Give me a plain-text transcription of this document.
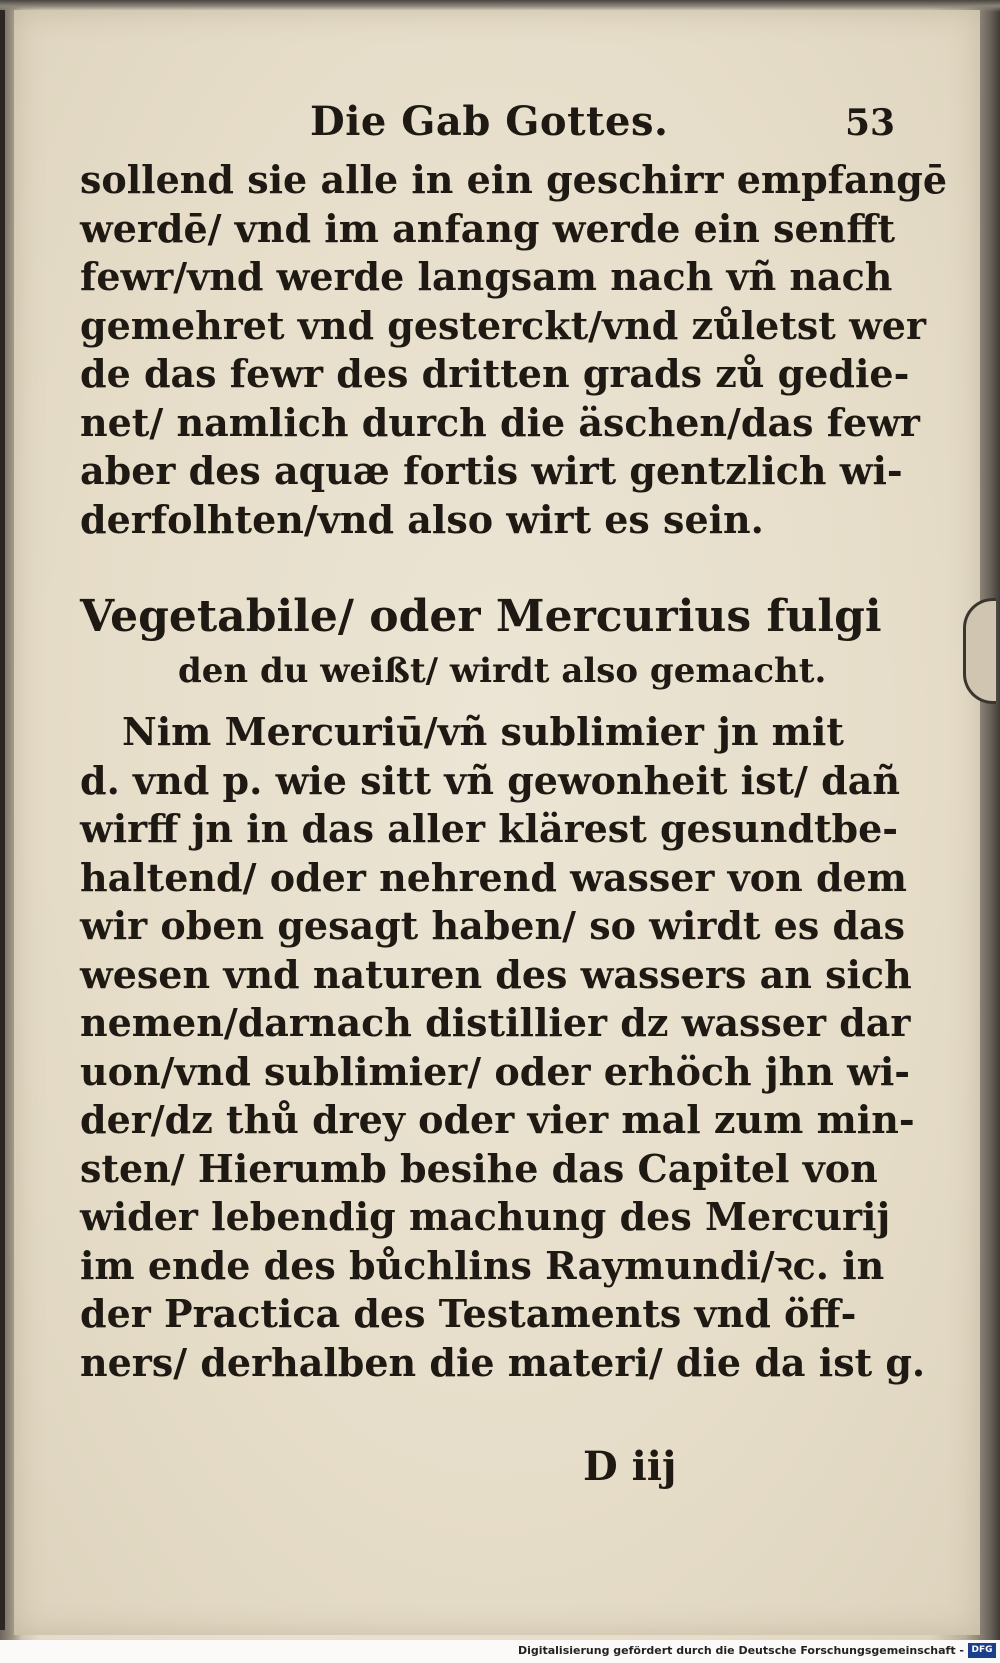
Die Gab Gottes.	53
sollend sie alle in ein geschirr empfangē
werdē/ vnd im anfang werde ein senfft
fewr/vnd werde langsam nach vñ nach
gemehret vnd gesterckt/vnd zůletst wer
de das fewr des dritten grads zů gedie-
net/ namlich durch die äschen/das fewr
aber des aquæ fortis wirt gentzlich wi-
derfolhten/vnd also wirt es sein.
Vegetabile/ oder Mercurius fulgi
den du weißt/ wirdt also gemacht.
Nim Mercuriū/vñ sublimier jn mit
d. vnd p. wie sitt vñ gewonheit ist/ dañ
wirff jn in das aller klärest gesundtbe-
haltend/ oder nehrend wasser von dem
wir oben gesagt haben/ so wirdt es das
wesen vnd naturen des wassers an sich
nemen/darnach distillier dz wasser dar
uon/vnd sublimier/ oder erhöch jhn wi-
der/dz thů drey oder vier mal zum min-
sten/ Hierumb besihe das Capitel von
wider lebendig machung des Mercurij
im ende des bůchlins Raymundi/ꝛc. in
der Practica des Testaments vnd öff-
ners/ derhalben die materi/ die da ist g.
D iij
Digitalisierung gefördert durch die Deutsche Forschungsgemeinschaft - DFG
